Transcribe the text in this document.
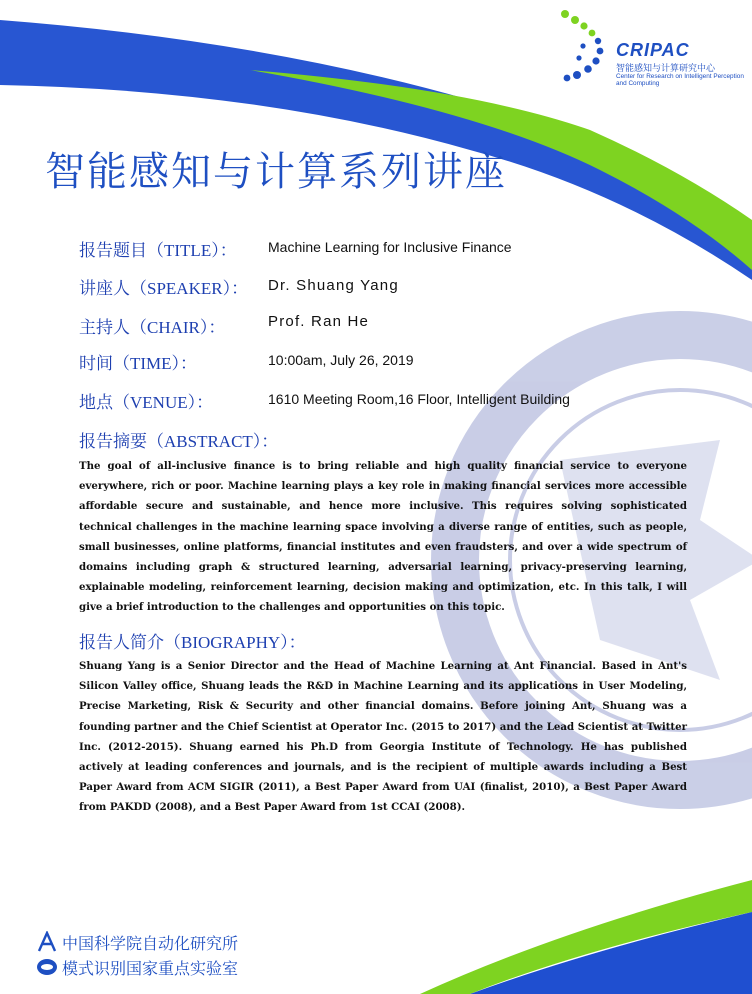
CRIPAC
智能感知与计算研究中心
Center for Research on Intelligent Perception and Computing
智能感知与计算系列讲座
报告题目（TITLE）： Machine Learning for Inclusive Finance
讲座人（SPEAKER）： Dr. Shuang Yang
主持人（CHAIR）：	Prof. Ran He
时间（TIME）：	10:00am, July 26, 2019
地点（VENUE）：	1610 Meeting Room,16 Floor, Intelligent Building
报告摘要（ABSTRACT）：
The goal of all-inclusive finance is to bring reliable and high quality financial service to everyone everywhere, rich or poor. Machine learning plays a key role in making financial services more accessible affordable secure and sustainable, and hence more inclusive. This requires solving sophisticated technical challenges in the machine learning space involving a diverse range of entities, such as people, small businesses, online platforms, financial institutes and even fraudsters, and over a wide spectrum of domains including graph & structured learning, adversarial learning, privacy-preserving learning, explainable modeling, reinforcement learning, decision making and optimization, etc. In this talk, I will give a brief introduction to the challenges and opportunities on this topic.
报告人简介（BIOGRAPHY）：
Shuang Yang is a Senior Director and the Head of Machine Learning at Ant Financial. Based in Ant's Silicon Valley office, Shuang leads the R&D in Machine Learning and its applications in User Modeling, Precise Marketing, Risk & Security and other financial domains. Before joining Ant, Shuang was a founding partner and the Chief Scientist at Operator Inc. (2015 to 2017) and the Lead Scientist at Twitter Inc. (2012-2015). Shuang earned his Ph.D from Georgia Institute of Technology. He has published actively at leading conferences and journals, and is the recipient of multiple awards including a Best Paper Award from ACM SIGIR (2011), a Best Paper Award from UAI (finalist, 2010), a Best Paper Award from PAKDD (2008), and a Best Paper Award from 1st CCAI (2008).
中国科学院自动化研究所
模式识别国家重点实验室
